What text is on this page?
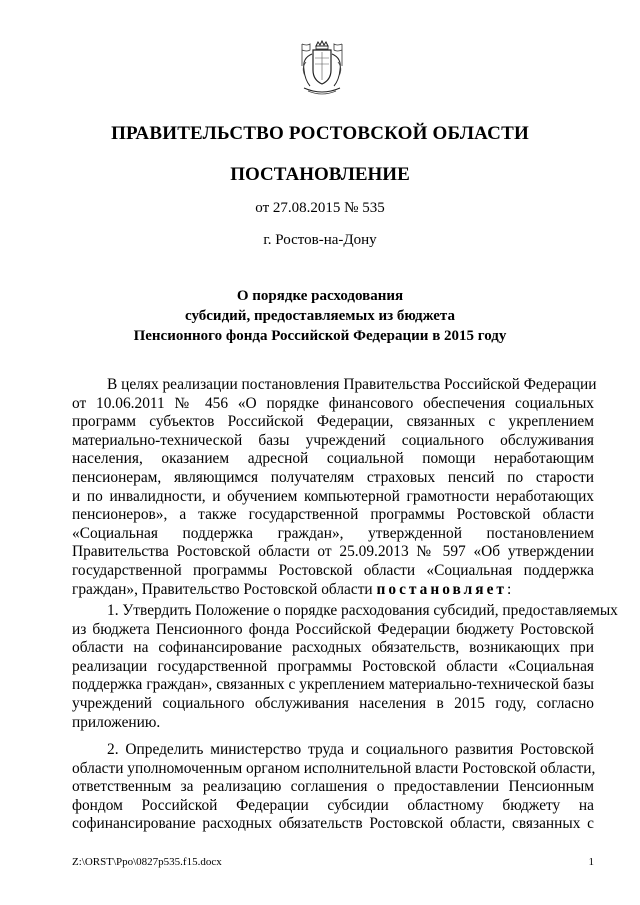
ПРАВИТЕЛЬСТВО РОСТОВСКОЙ ОБЛАСТИ
ПОСТАНОВЛЕНИЕ
от 27.08.2015 № 535
г. Ростов-на-Дону
О порядке расходования
субсидий, предоставляемых из бюджета
Пенсионного фонда Российской Федерации в 2015 году
В целях реализации постановления Правительства Российской Федерации
от 10.06.2011 № 456 «О порядке финансового обеспечения социальных
программ субъектов Российской Федерации, связанных с укреплением
материально-технической базы учреждений социального обслуживания
населения, оказанием адресной социальной помощи неработающим
пенсионерам, являющимся получателям страховых пенсий по старости
и по инвалидности, и обучением компьютерной грамотности неработающих
пенсионеров», а также государственной программы Ростовской области
«Социальная поддержка граждан», утвержденной постановлением
Правительства Ростовской области от 25.09.2013 № 597 «Об утверждении
государственной программы Ростовской области «Социальная поддержка
граждан», Правительство Ростовской области постановляет:
1. Утвердить Положение о порядке расходования субсидий, предоставляемых
из бюджета Пенсионного фонда Российской Федерации бюджету Ростовской
области на софинансирование расходных обязательств, возникающих при
реализации государственной программы Ростовской области «Социальная
поддержка граждан», связанных с укреплением материально-технической базы
учреждений социального обслуживания населения в 2015 году, согласно
приложению.
2. Определить министерство труда и социального развития Ростовской
области уполномоченным органом исполнительной власти Ростовской области,
ответственным за реализацию соглашения о предоставлении Пенсионным
фондом Российской Федерации субсидии областному бюджету на
софинансирование расходных обязательств Ростовской области, связанных с
Z:\ORST\Ppo\0827p535.f15.docx	1
